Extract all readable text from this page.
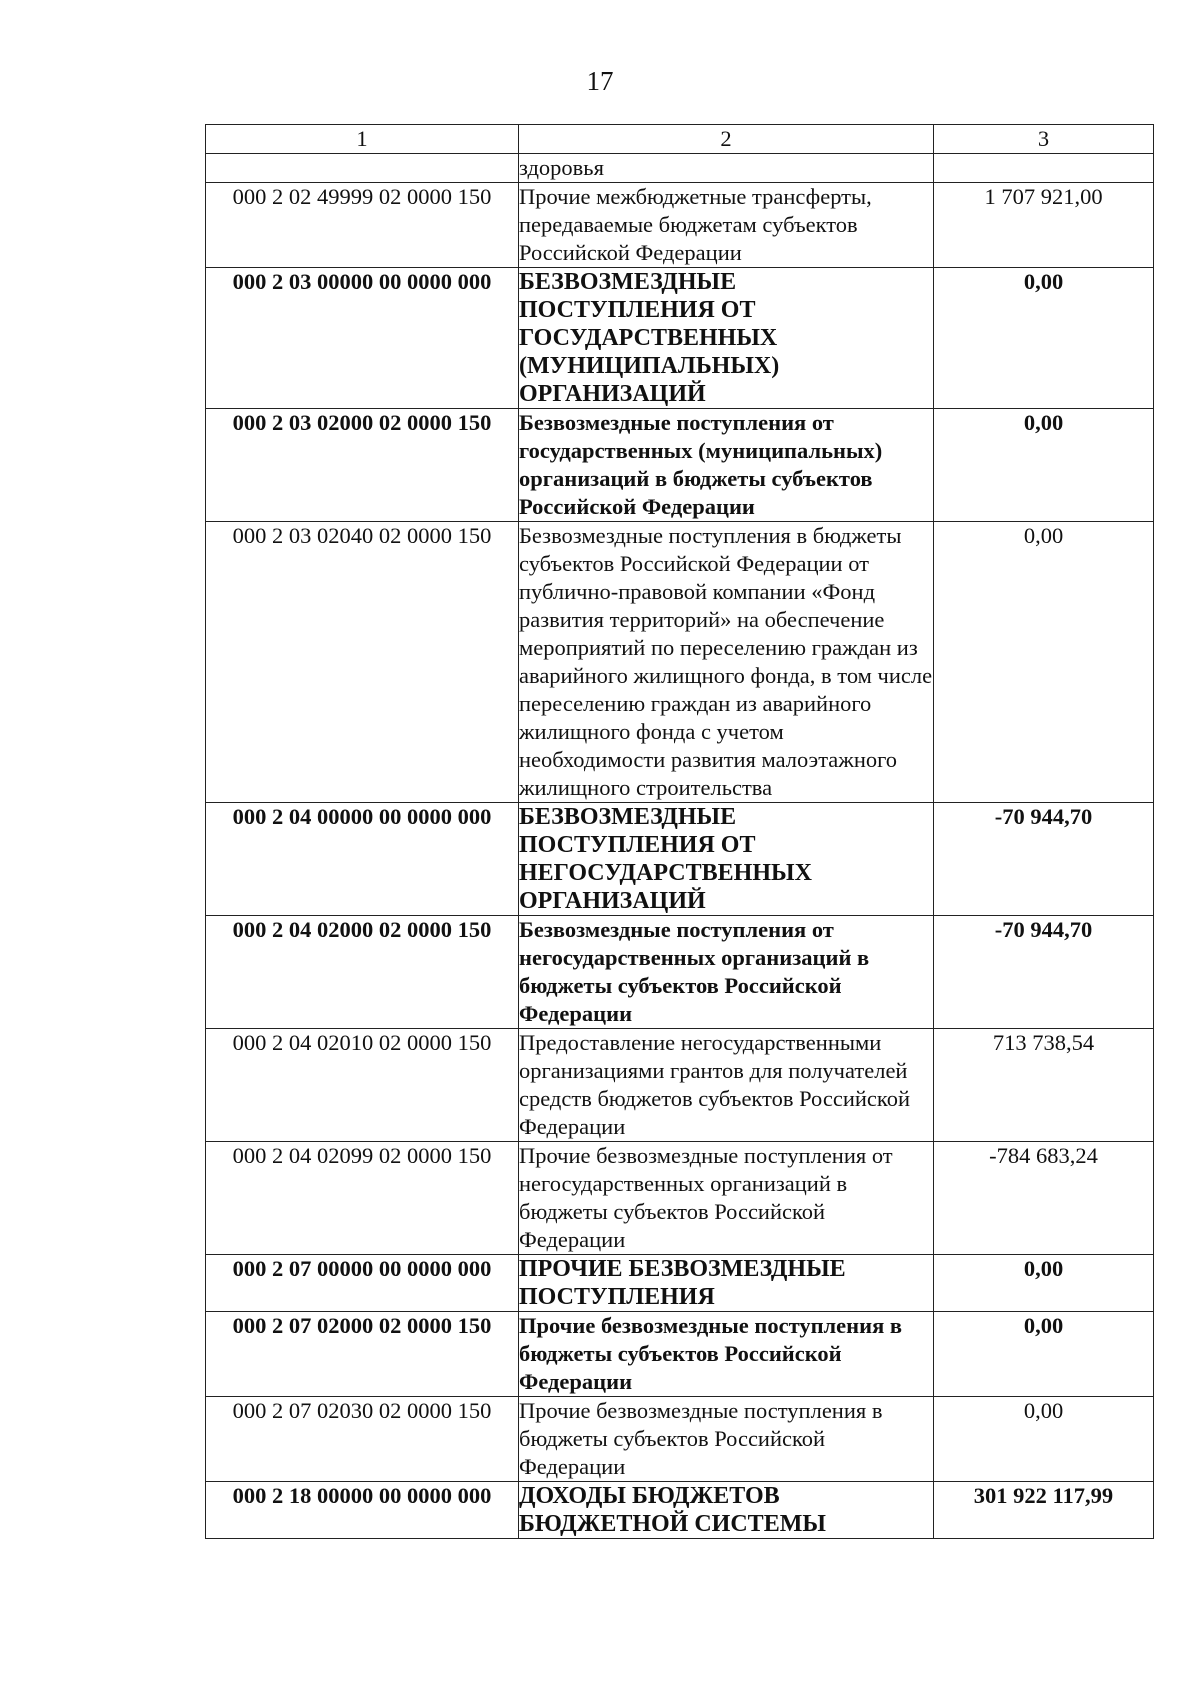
17
1	2	3
	здоровья	
000 2 02 49999 02 0000 150	Прочие межбюджетные трансферты, передаваемые бюджетам субъектов Российской Федерации	1 707 921,00
000 2 03 00000 00 0000 000	БЕЗВОЗМЕЗДНЫЕ ПОСТУПЛЕНИЯ ОТ ГОСУДАРСТВЕННЫХ (МУНИЦИПАЛЬНЫХ) ОРГАНИЗАЦИЙ	0,00
000 2 03 02000 02 0000 150	Безвозмездные поступления от государственных (муниципальных) организаций в бюджеты субъектов Российской Федерации	0,00
000 2 03 02040 02 0000 150	Безвозмездные поступления в бюджеты субъектов Российской Федерации от публично-правовой компании «Фонд развития территорий» на обеспечение мероприятий по переселению граждан из аварийного жилищного фонда, в том числе переселению граждан из аварийного жилищного фонда с учетом необходимости развития малоэтажного жилищного строительства	0,00
000 2 04 00000 00 0000 000	БЕЗВОЗМЕЗДНЫЕ ПОСТУПЛЕНИЯ ОТ НЕГОСУДАРСТВЕННЫХ ОРГАНИЗАЦИЙ	-70 944,70
000 2 04 02000 02 0000 150	Безвозмездные поступления от негосударственных организаций в бюджеты субъектов Российской Федерации	-70 944,70
000 2 04 02010 02 0000 150	Предоставление негосударственными организациями грантов для получателей средств бюджетов субъектов Российской Федерации	713 738,54
000 2 04 02099 02 0000 150	Прочие безвозмездные поступления от негосударственных организаций в бюджеты субъектов Российской Федерации	-784 683,24
000 2 07 00000 00 0000 000	ПРОЧИЕ БЕЗВОЗМЕЗДНЫЕ ПОСТУПЛЕНИЯ	0,00
000 2 07 02000 02 0000 150	Прочие безвозмездные поступления в бюджеты субъектов Российской Федерации	0,00
000 2 07 02030 02 0000 150	Прочие безвозмездные поступления в бюджеты субъектов Российской Федерации	0,00
000 2 18 00000 00 0000 000	ДОХОДЫ БЮДЖЕТОВ БЮДЖЕТНОЙ СИСТЕМЫ	301 922 117,99
